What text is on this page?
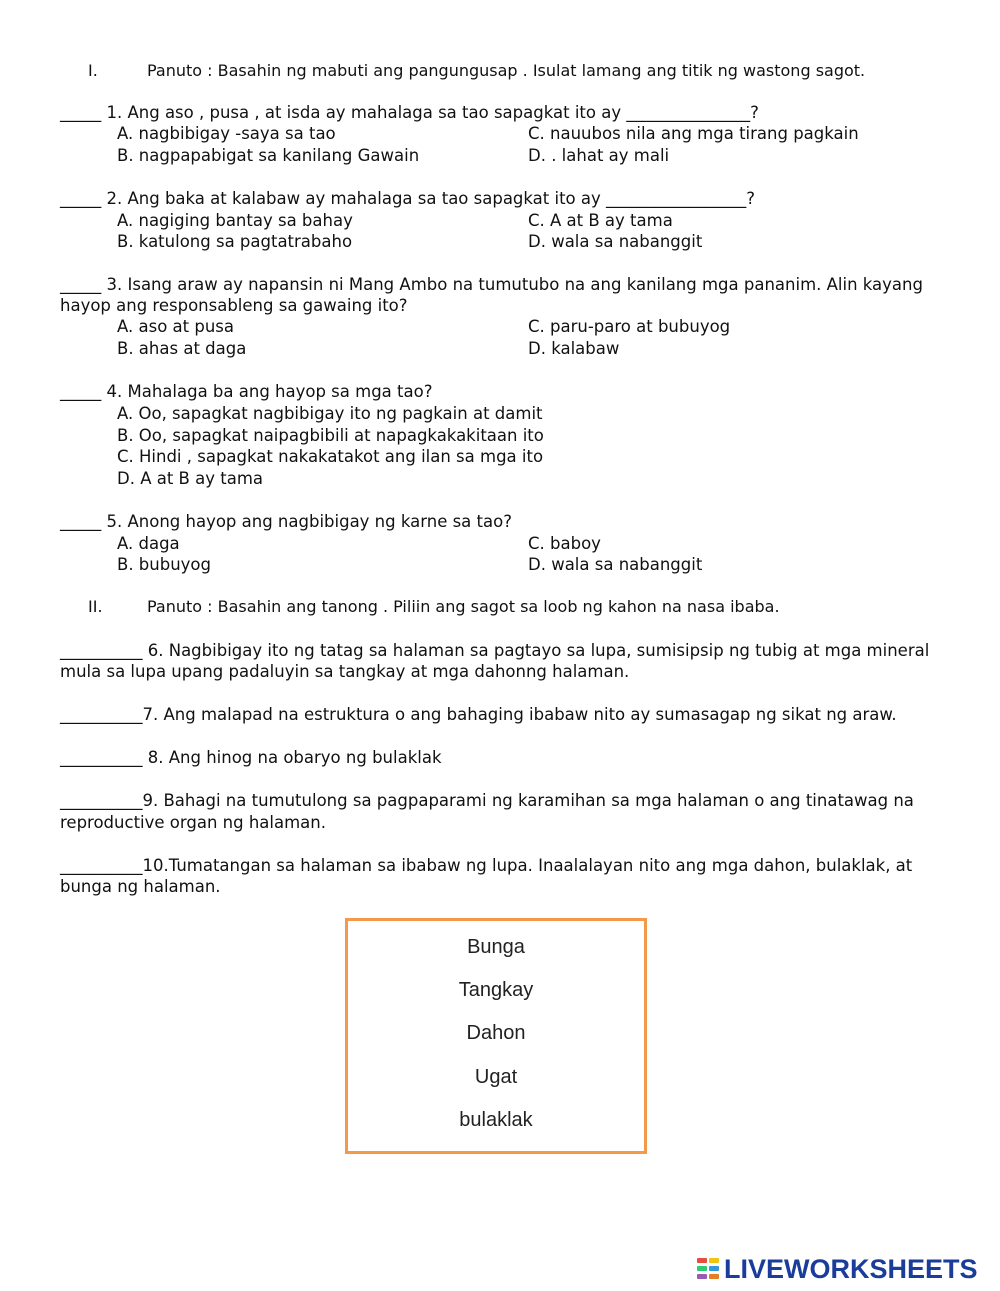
I.	Panuto : Basahin ng mabuti ang pangungusap . Isulat lamang ang titik ng wastong sagot.
_____ 1. Ang aso , pusa , at isda ay mahalaga sa tao sapagkat ito ay _______________?
A. nagbibigay -saya sa tao
B. nagpapabigat sa kanilang Gawain
C. nauubos nila ang mga tirang pagkain
D. . lahat ay mali
_____ 2. Ang baka at kalabaw ay mahalaga sa tao sapagkat ito ay _________________?
A. nagiging bantay sa bahay
B. katulong sa pagtatrabaho
C. A at B ay tama
D. wala sa nabanggit
_____ 3. Isang araw ay napansin ni Mang Ambo na tumutubo na ang kanilang mga pananim. Alin kayang
hayop ang responsableng sa gawaing ito?
A. aso at pusa
B. ahas at daga
C. paru-paro at bubuyog
D. kalabaw
_____ 4. Mahalaga ba ang hayop sa mga tao?
A. Oo, sapagkat nagbibigay ito ng pagkain at damit
B. Oo, sapagkat naipagbibili at napagkakakitaan ito
C. Hindi , sapagkat nakakatakot ang ilan sa mga ito
D. A at B ay tama
_____ 5. Anong hayop ang nagbibigay ng karne sa tao?
A. daga
B. bubuyog
C. baboy
D. wala sa nabanggit
II.	Panuto : Basahin ang tanong . Piliin ang sagot sa loob ng kahon na nasa ibaba.
__________ 6. Nagbibigay ito ng tatag sa halaman sa pagtayo sa lupa, sumisipsip ng tubig at mga mineral
mula sa lupa upang padaluyin sa tangkay at mga dahonng halaman.
__________7. Ang malapad na estruktura o ang bahaging ibabaw nito ay sumasagap ng sikat ng araw.
__________ 8. Ang hinog na obaryo ng bulaklak
__________9. Bahagi na tumutulong sa pagpaparami ng karamihan sa mga halaman o ang tinatawag na
reproductive organ ng halaman.
__________10.Tumatangan sa halaman sa ibabaw ng lupa. Inaalalayan nito ang mga dahon, bulaklak, at
bunga ng halaman.
Bunga
Tangkay
Dahon
Ugat
bulaklak
LIVEWORKSHEETS
